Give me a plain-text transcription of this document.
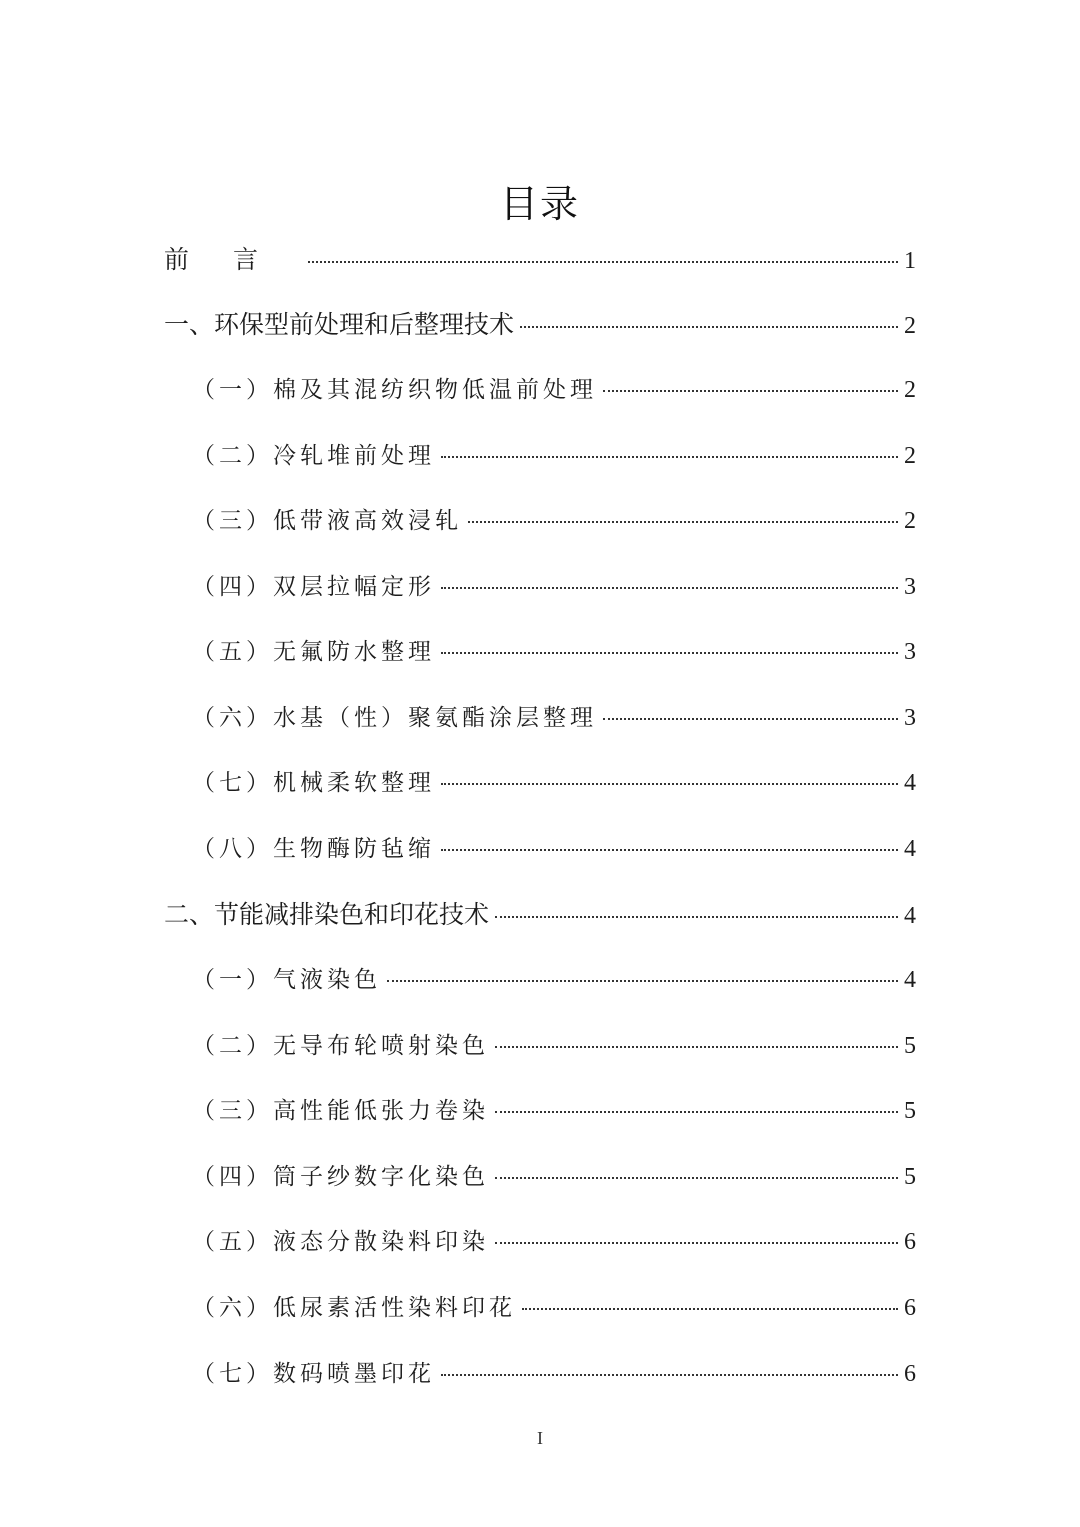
目录
前言	1
一、环保型前处理和后整理技术	2
（一）棉及其混纺织物低温前处理	2
（二）冷轧堆前处理	2
（三）低带液高效浸轧	2
（四）双层拉幅定形	3
（五）无氟防水整理	3
（六）水基（性）聚氨酯涂层整理	3
（七）机械柔软整理	4
（八）生物酶防毡缩	4
二、节能减排染色和印花技术	4
（一）气液染色	4
（二）无导布轮喷射染色	5
（三）高性能低张力卷染	5
（四）筒子纱数字化染色	5
（五）液态分散染料印染	6
（六）低尿素活性染料印花	6
（七）数码喷墨印花	6
I
